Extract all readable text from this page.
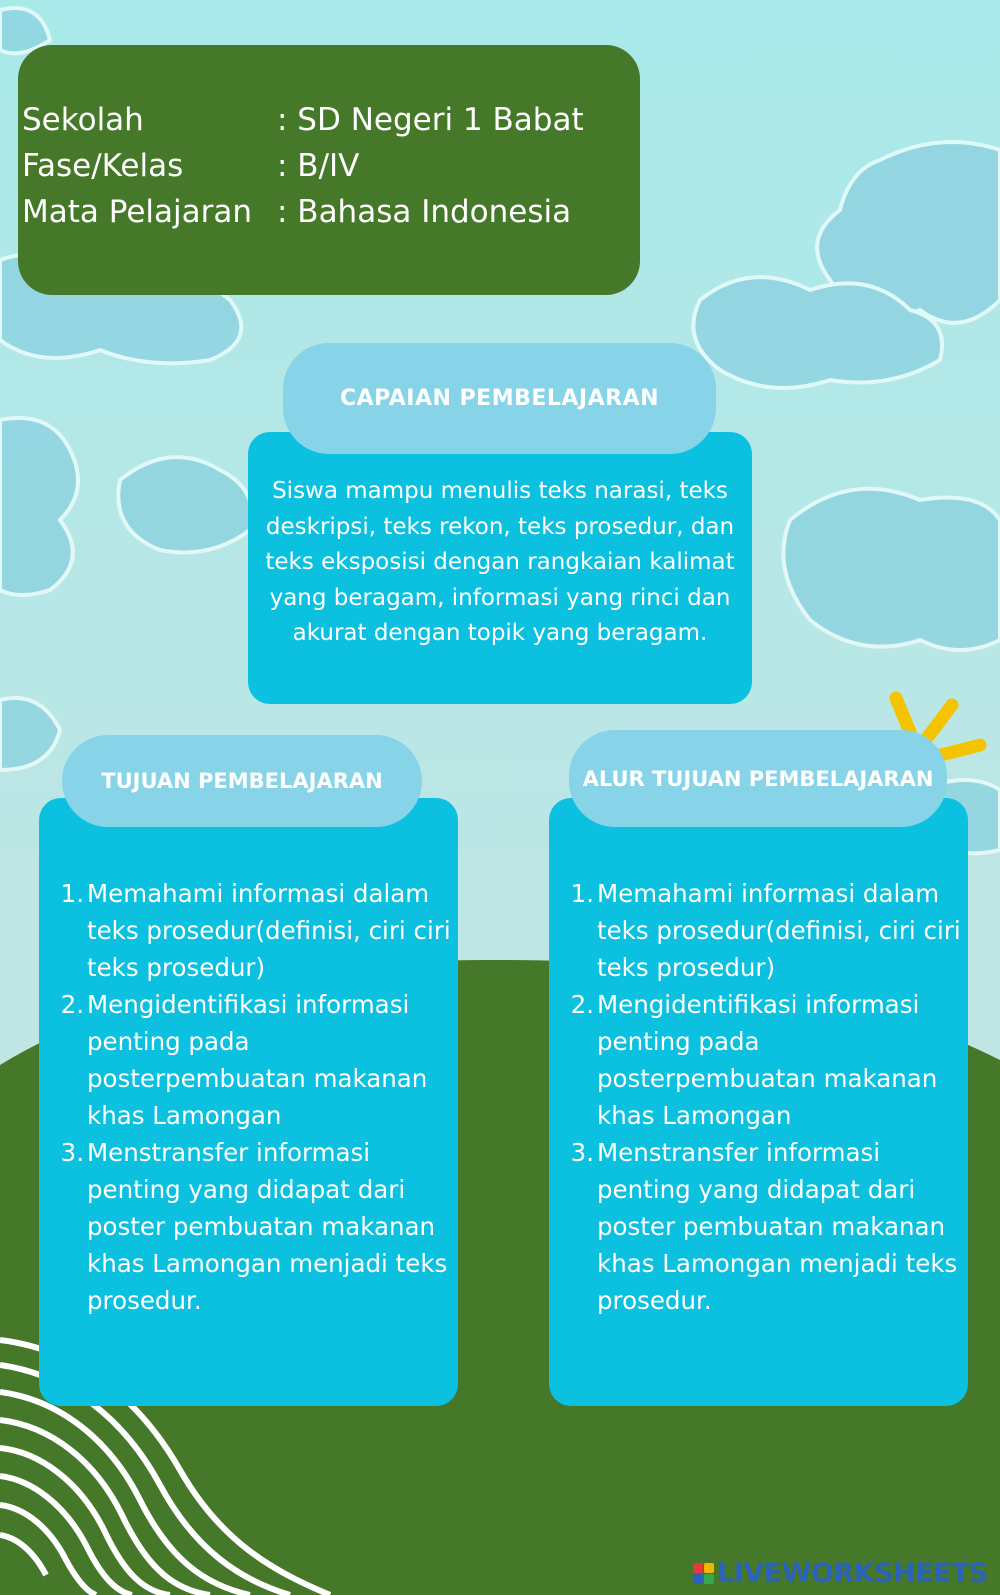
Sekolah	: SD Negeri 1 Babat
Fase/Kelas	: B/IV
Mata Pelajaran : Bahasa Indonesia
Siswa mampu menulis teks narasi, teks deskripsi, teks rekon, teks prosedur, dan teks eksposisi dengan rangkaian kalimat yang beragam, informasi yang rinci dan akurat dengan topik yang beragam.
CAPAIAN PEMBELAJARAN
Memahami informasi dalam teks prosedur(definisi, ciri ciri teks prosedur)
Mengidentifikasi informasi penting pada posterpembuatan makanan khas Lamongan
Menstransfer informasi penting yang didapat dari poster pembuatan makanan khas Lamongan menjadi teks prosedur.
TUJUAN PEMBELAJARAN
Memahami informasi dalam teks prosedur(definisi, ciri ciri teks prosedur)
Mengidentifikasi informasi penting pada posterpembuatan makanan khas Lamongan
Menstransfer informasi penting yang didapat dari poster pembuatan makanan khas Lamongan menjadi teks prosedur.
ALUR TUJUAN PEMBELAJARAN
LIVEWORKSHEETS
